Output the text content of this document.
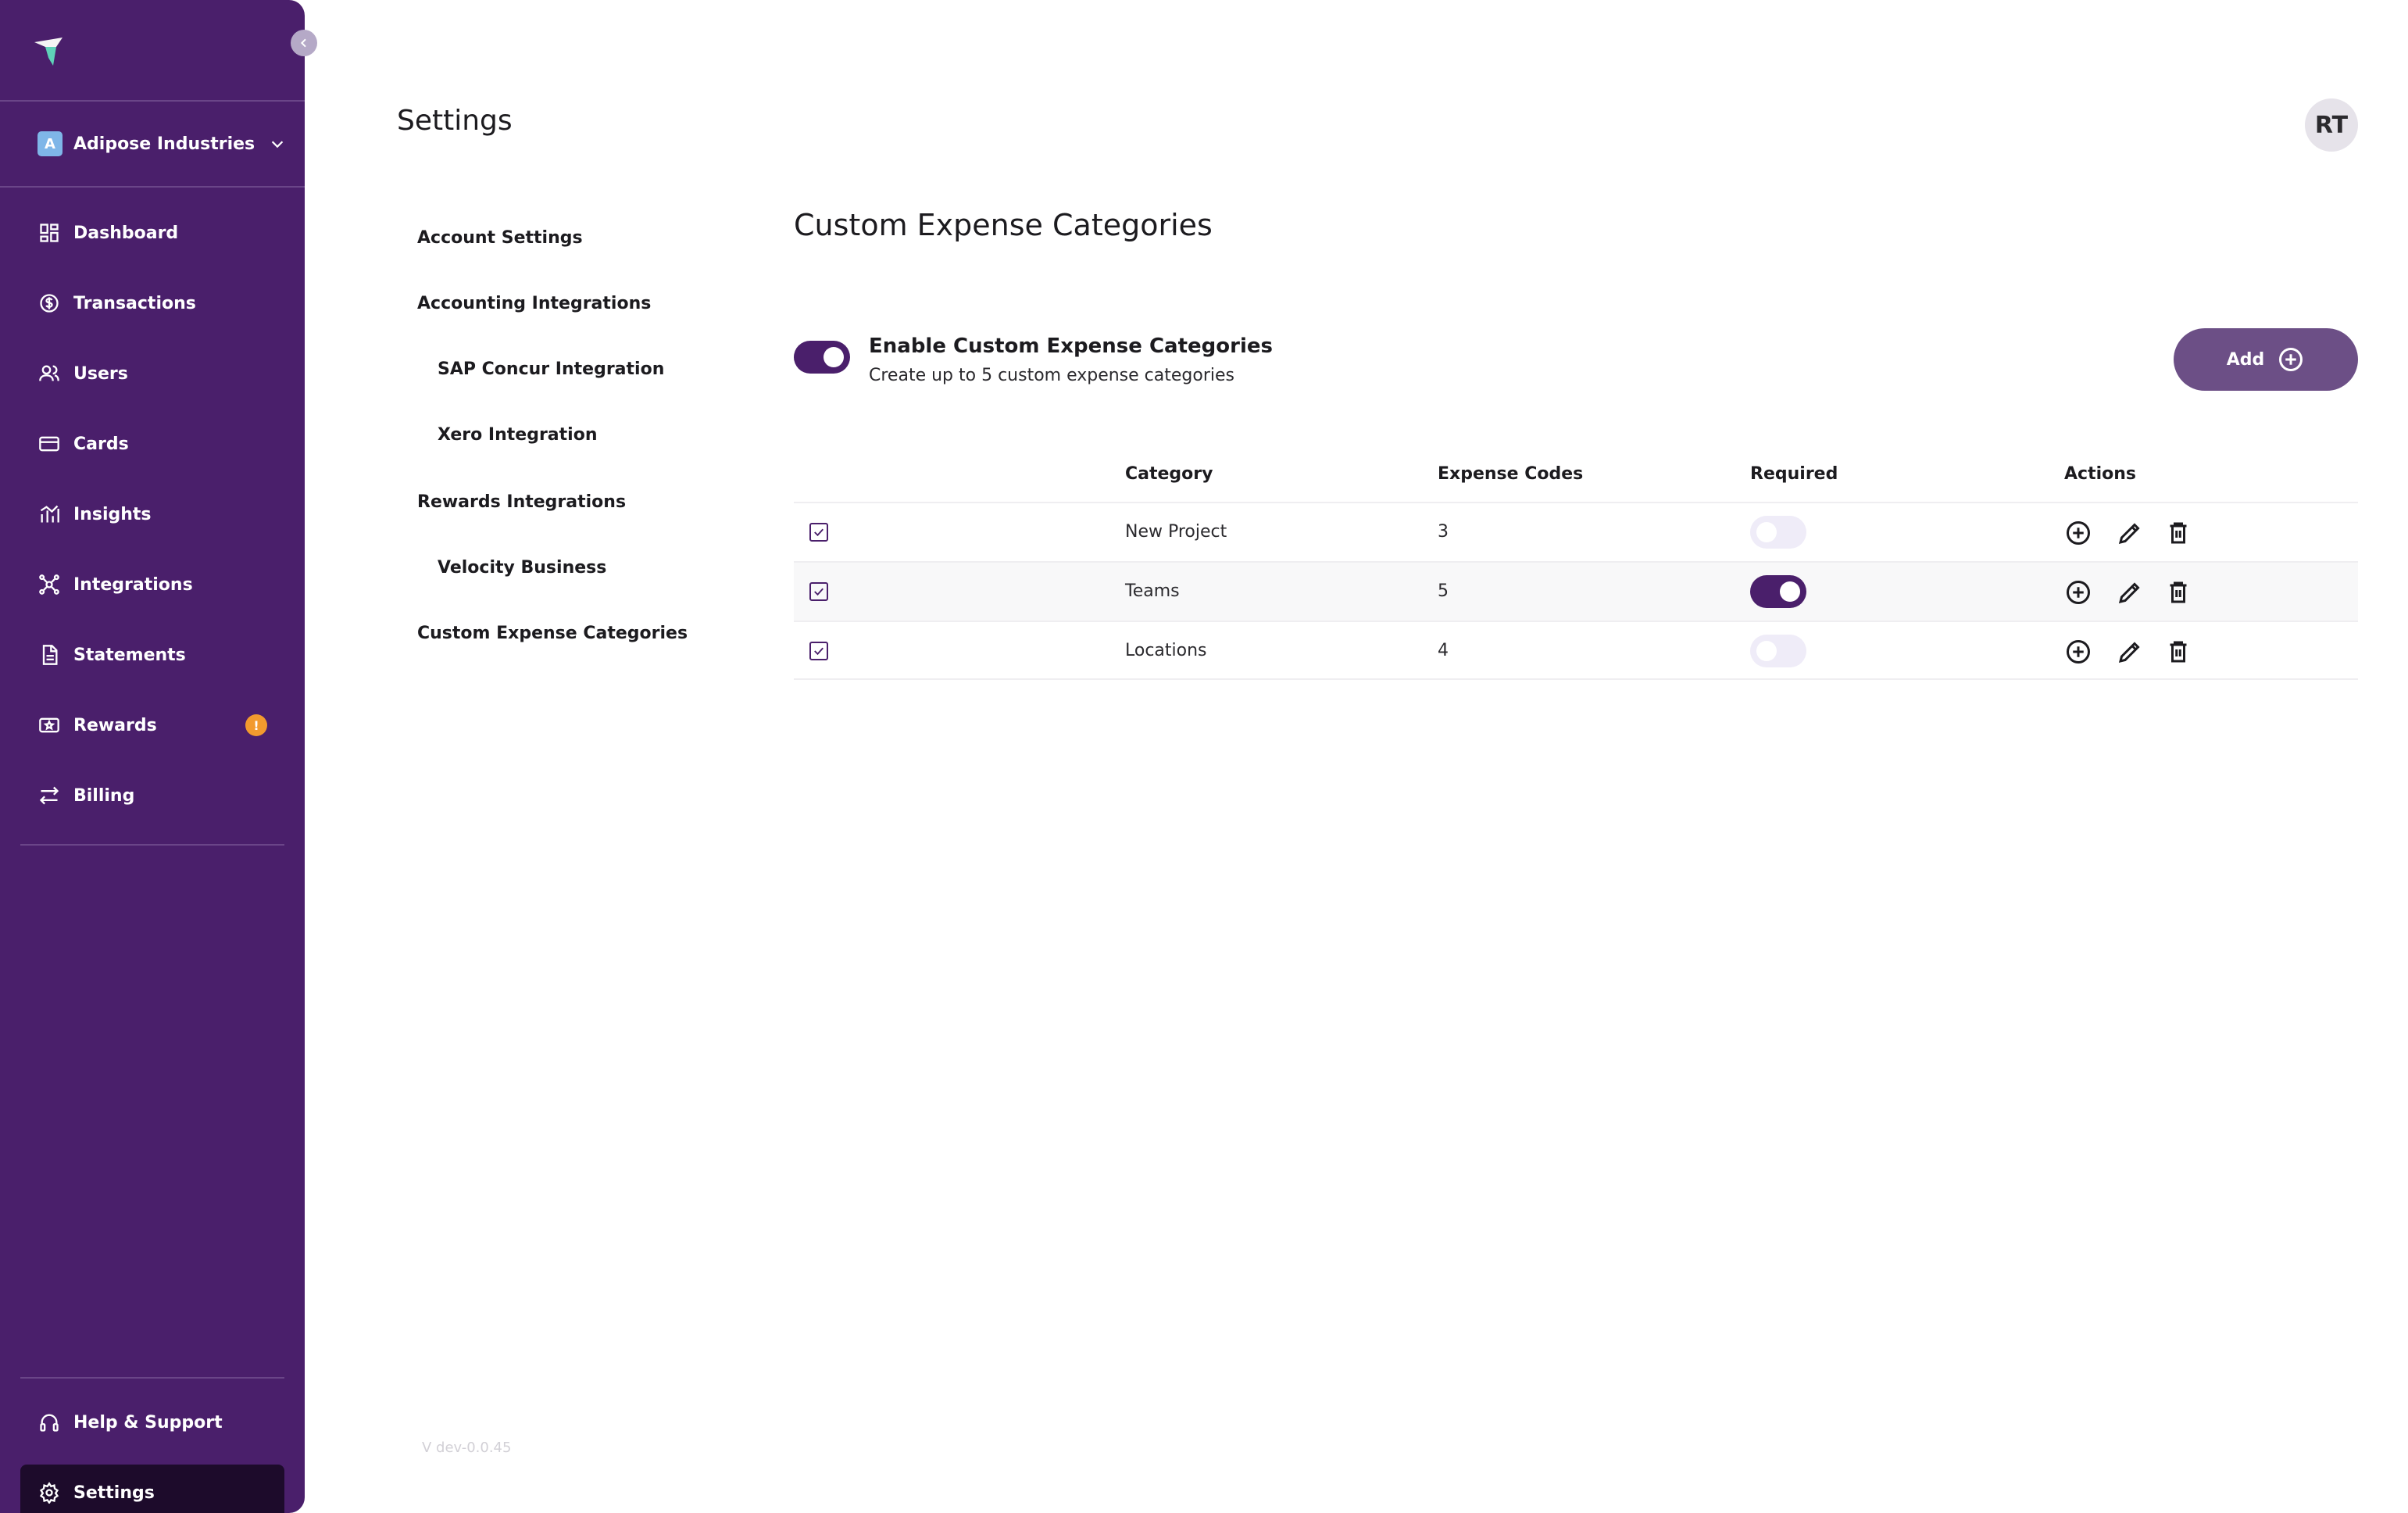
A	Adipose Industries
Dashboard
Transactions
Users
Cards
Insights
Integrations
Statements
Rewards	!
Billing
Help & Support
Settings
Settings	RT
Account Settings
Accounting Integrations
SAP Concur Integration
Xero Integration
Rewards Integrations
Velocity Business
Custom Expense Categories
V dev-0.0.45
Custom Expense Categories
Enable Custom Expense Categories
Create up to 5 custom expense categories
Add
Category	Expense Codes	Required	Actions
New Project	3
Teams	5
Locations	4
